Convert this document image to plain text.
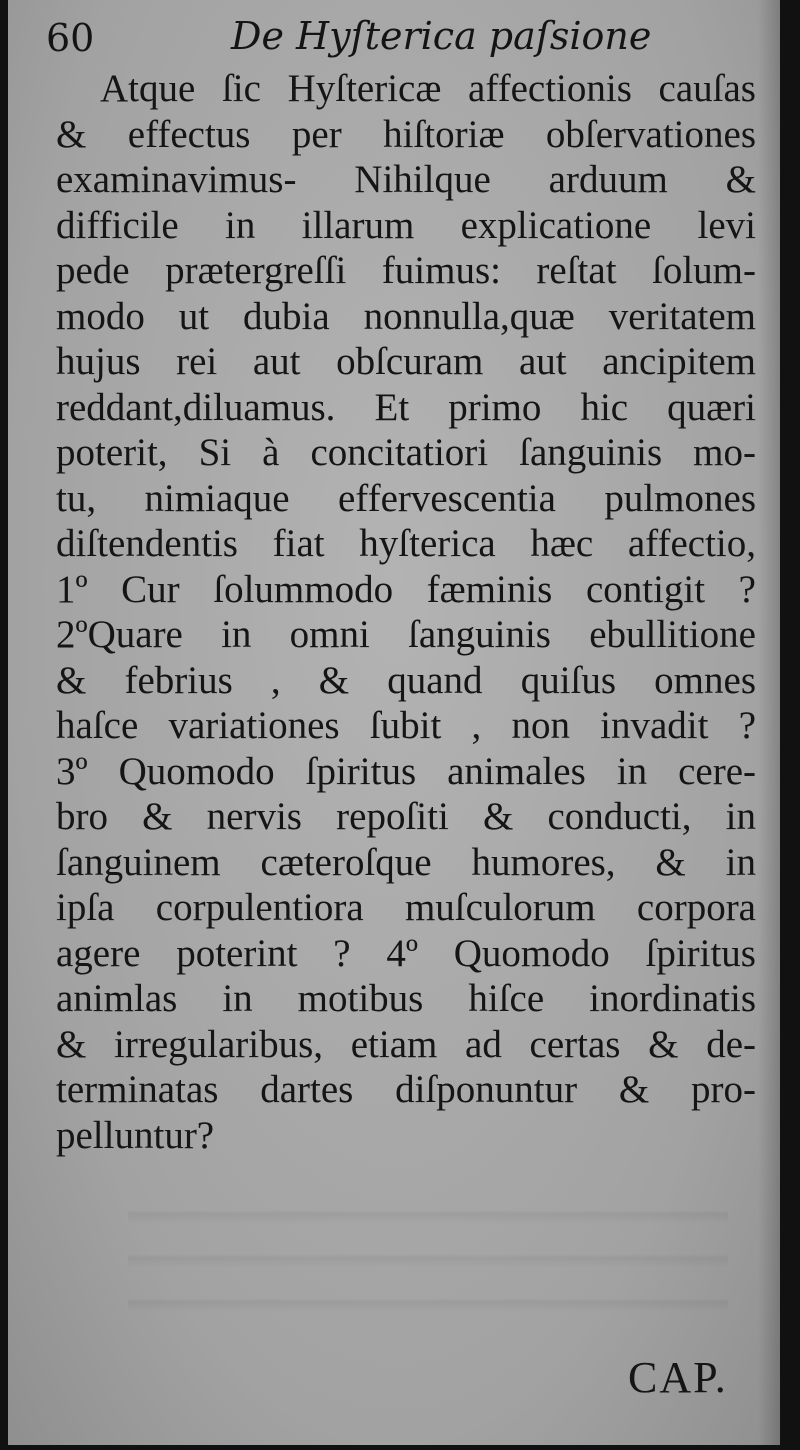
60	De Hyſterica paſsione
Atque ſic Hyſtericæ affectionis cauſas
& effectus per hiſtoriæ obſervationes
examinavimus- Nihilque arduum &
difficile in illarum explicatione levi
pede prætergreſſi fuimus: reſtat ſolum-
modo ut dubia nonnulla,quæ veritatem
hujus rei aut obſcuram aut ancipitem
reddant,diluamus. Et primo hic quæri
poterit, Si à concitatiori ſanguinis mo-
tu, nimiaque effervescentia pulmones
diſtendentis fiat hyſterica hæc affectio,
1º Cur ſolummodo fæminis contigit ?
2ºQuare in omni ſanguinis ebullitione
& febrius , & quand quiſus omnes
haſce variationes ſubit , non invadit ?
3º Quomodo ſpiritus animales in cere-
bro & nervis repoſiti & conducti, in
ſanguinem cæteroſque humores, & in
ipſa corpulentiora muſculorum corpora
agere poterint ? 4º Quomodo ſpiritus
animlas in motibus hiſce inordinatis
& irregularibus, etiam ad certas & de-
terminatas dartes diſponuntur & pro-
pelluntur?
CAP.
